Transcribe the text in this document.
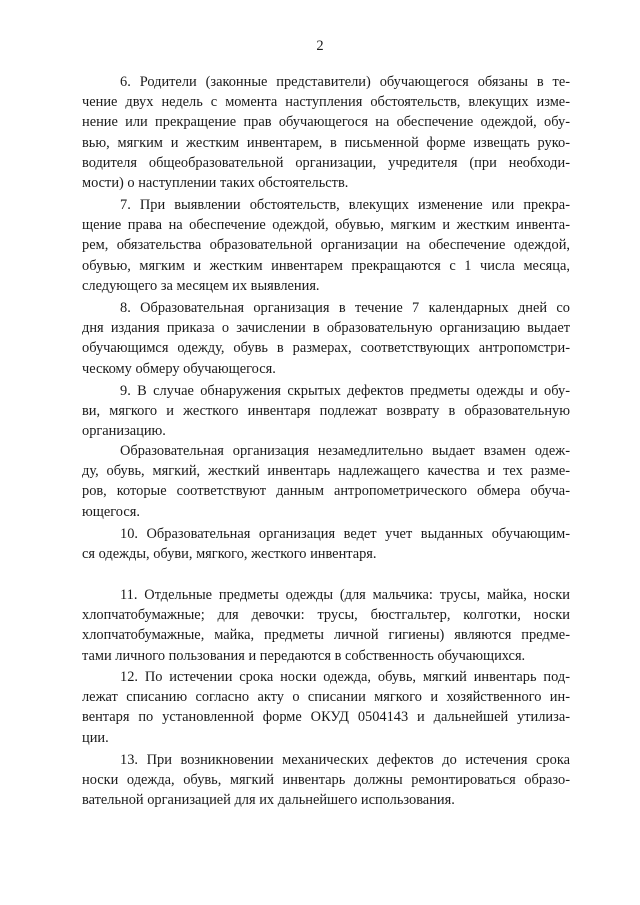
2

6. Родители (законные представители) обучающегося обязаны в те-
чение двух недель с момента наступления обстоятельств, влекущих изме-
нение или прекращение прав обучающегося на обеспечение одеждой, обу-
вью, мягким и жестким инвентарем, в письменной форме извещать руко-
водителя общеобразовательной организации, учредителя (при необходи-
мости) о наступлении таких обстоятельств.

7. При выявлении обстоятельств, влекущих изменение или прекра-
щение права на обеспечение одеждой, обувью, мягким и жестким инвента-
рем, обязательства образовательной организации на обеспечение одеждой,
обувью, мягким и жестким инвентарем прекращаются с 1 числа месяца,
следующего за месяцем их выявления.

8. Образовательная организация в течение 7 календарных дней со
дня издания приказа о зачислении в образовательную организацию выдает
обучающимся одежду, обувь в размерах, соответствующих антропомстри-
ческому обмеру обучающегося.

9. В случае обнаружения скрытых дефектов предметы одежды и обу-
ви, мягкого и жесткого инвентаря подлежат возврату в образовательную
организацию.

Образовательная организация незамедлительно выдает взамен одеж-
ду, обувь, мягкий, жесткий инвентарь надлежащего качества и тех разме-
ров, которые соответствуют данным антропометрического обмера обуча-
ющегося.

10. Образовательная организация ведет учет выданных обучающим-
ся одежды, обуви, мягкого, жесткого инвентаря.

11. Отдельные предметы одежды (для мальчика: трусы, майка, носки
хлопчатобумажные; для девочки: трусы, бюстгальтер, колготки, носки
хлопчатобумажные, майка, предметы личной гигиены) являются предме-
тами личного пользования и передаются в собственность обучающихся.

12. По истечении срока носки одежда, обувь, мягкий инвентарь под-
лежат списанию согласно акту о списании мягкого и хозяйственного ин-
вентаря по установленной форме ОКУД 0504143 и дальнейшей утилиза-
ции.

13. При возникновении механических дефектов до истечения срока
носки одежда, обувь, мягкий инвентарь должны ремонтироваться образо-
вательной организацией для их дальнейшего использования.
